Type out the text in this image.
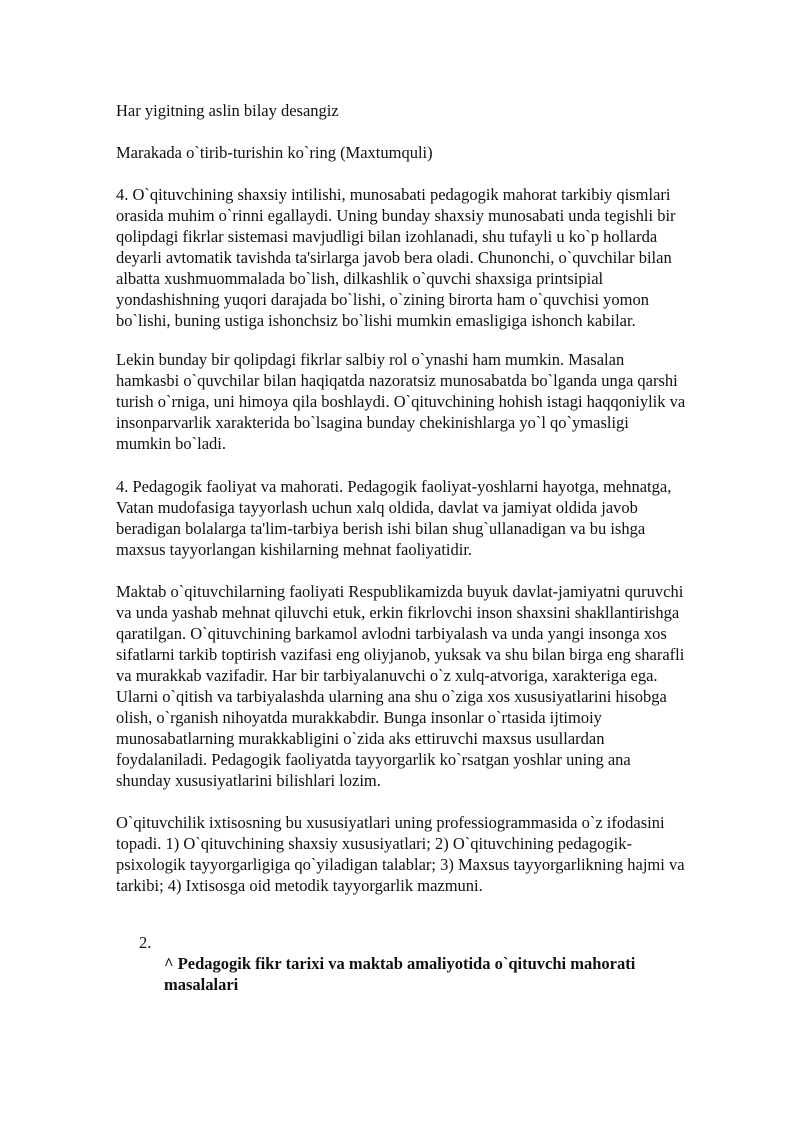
Har yigitning aslin bilay desangiz

Marakada o`tirib-turishin ko`ring (Maxtumquli)

4. O`qituvchining shaxsiy intilishi, munosabati pedagogik mahorat tarkibiy qismlari
orasida muhim o`rinni egallaydi. Uning bunday shaxsiy munosabati unda tegishli bir
qolipdagi fikrlar sistemasi mavjudligi bilan izohlanadi, shu tufayli u ko`p hollarda
deyarli avtomatik tavishda ta'sirlarga javob bera oladi. Chunonchi, o`quvchilar bilan
albatta xushmuommalada bo`lish, dilkashlik o`quvchi shaxsiga printsipial
yondashishning yuqori darajada bo`lishi, o`zining birorta ham o`quvchisi yomon
bo`lishi, buning ustiga ishonchsiz bo`lishi mumkin emasligiga ishonch kabilar.

Lekin bunday bir qolipdagi fikrlar salbiy rol o`ynashi ham mumkin. Masalan
hamkasbi o`quvchilar bilan haqiqatda nazoratsiz munosabatda bo`lganda unga qarshi
turish o`rniga, uni himoya qila boshlaydi. O`qituvchining hohish istagi haqqoniylik va
insonparvarlik xarakterida bo`lsagina bunday chekinishlarga yo`l qo`ymasligi
mumkin bo`ladi.

4. Pedagogik faoliyat va mahorati. Pedagogik faoliyat-yoshlarni hayotga, mehnatga,
Vatan mudofasiga tayyorlash uchun xalq oldida, davlat va jamiyat oldida javob
beradigan bolalarga ta'lim-tarbiya berish ishi bilan shug`ullanadigan va bu ishga
maxsus tayyorlangan kishilarning mehnat faoliyatidir.

Maktab o`qituvchilarning faoliyati Respublikamizda buyuk davlat-jamiyatni quruvchi
va unda yashab mehnat qiluvchi etuk, erkin fikrlovchi inson shaxsini shakllantirishga
qaratilgan. O`qituvchining barkamol avlodni tarbiyalash va unda yangi insonga xos
sifatlarni tarkib toptirish vazifasi eng oliyjanob, yuksak va shu bilan birga eng sharafli
va murakkab vazifadir. Har bir tarbiyalanuvchi o`z xulq-atvoriga, xarakteriga ega.
Ularni o`qitish va tarbiyalashda ularning ana shu o`ziga xos xususiyatlarini hisobga
olish, o`rganish nihoyatda murakkabdir. Bunga insonlar o`rtasida ijtimoiy
munosabatlarning murakkabligini o`zida aks ettiruvchi maxsus usullardan
foydalaniladi. Pedagogik faoliyatda tayyorgarlik ko`rsatgan yoshlar uning ana
shunday xususiyatlarini bilishlari lozim.

O`qituvchilik ixtisosning bu xususiyatlari uning professiogrammasida o`z ifodasini
topadi. 1) O`qituvchining shaxsiy xususiyatlari; 2) O`qituvchining pedagogik-
psixologik tayyorgarligiga qo`yiladigan talablar; 3) Maxsus tayyorgarlikning hajmi va
tarkibi; 4) Ixtisosga oid metodik tayyorgarlik mazmuni.

2.

^ Pedagogik fikr tarixi va maktab amaliyotida o`qituvchi mahorati
masalalari
